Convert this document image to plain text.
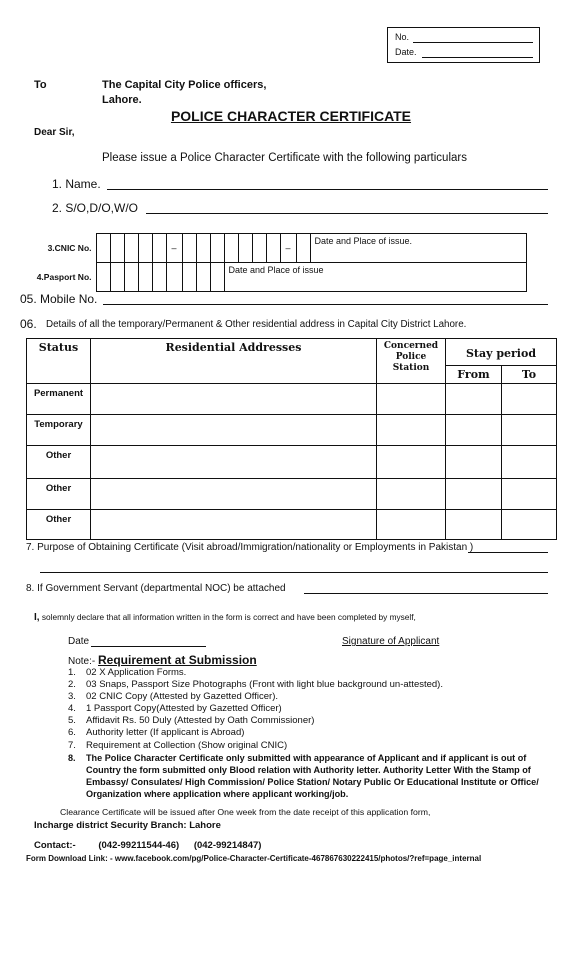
No.
Date.
To	The Capital City Police officers,
Lahore.
POLICE CHARACTER CERTIFICATE
Dear Sir,
Please issue a Police Character Certificate with the following particulars
1. Name.
2. S/O,D/O,W/O
3.CNIC No.						–								–		Date and Place of issue.
4.Pasport No.										Date and Place of issue						
05. Mobile No.
06. Details of all the temporary/Permanent & Other residential address in Capital City District Lahore.
Status	Residential Addresses	Concerned Police Station	Stay period	
			From	To
Permanent				
Temporary				
Other				
Other				
Other				
7. Purpose of Obtaining Certificate (Visit abroad/Immigration/nationality or Employments in Pakistan )
8. If Government Servant (departmental NOC) be attached
I, solemnly declare that all information written in the form is correct and have been completed by myself,
Date	Signature of Applicant
Note:- Requirement at Submission
1. 02 X Application Forms.
2. 03 Snaps, Passport Size Photographs (Front with light blue background un-attested).
3. 02 CNIC Copy (Attested by Gazetted Officer).
4. 1 Passport Copy(Attested by Gazetted Officer)
5. Affidavit Rs. 50 Duly (Attested by Oath Commissioner)
6. Authority letter (If applicant is Abroad)
7. Requirement at Collection (Show original CNIC)
8. The Police Character Certificate only submitted with appearance of Applicant and if applicant is out of Country the form submitted only Blood relation with Authority letter. Authority Letter With the Stamp of Embassy/ Consulates/ High Commission/ Police Station/ Notary Public Or Educational Institute or Office/ Organization where application where applicant working/job.
Clearance Certificate will be issued after One week from the date receipt of this application form,
Incharge district Security Branch: Lahore
Contact:- (042-99211544-46) (042-99214847)
Form Download Link: - www.facebook.com/pg/Police-Character-Certificate-467867630222415/photos/?ref=page_internal
